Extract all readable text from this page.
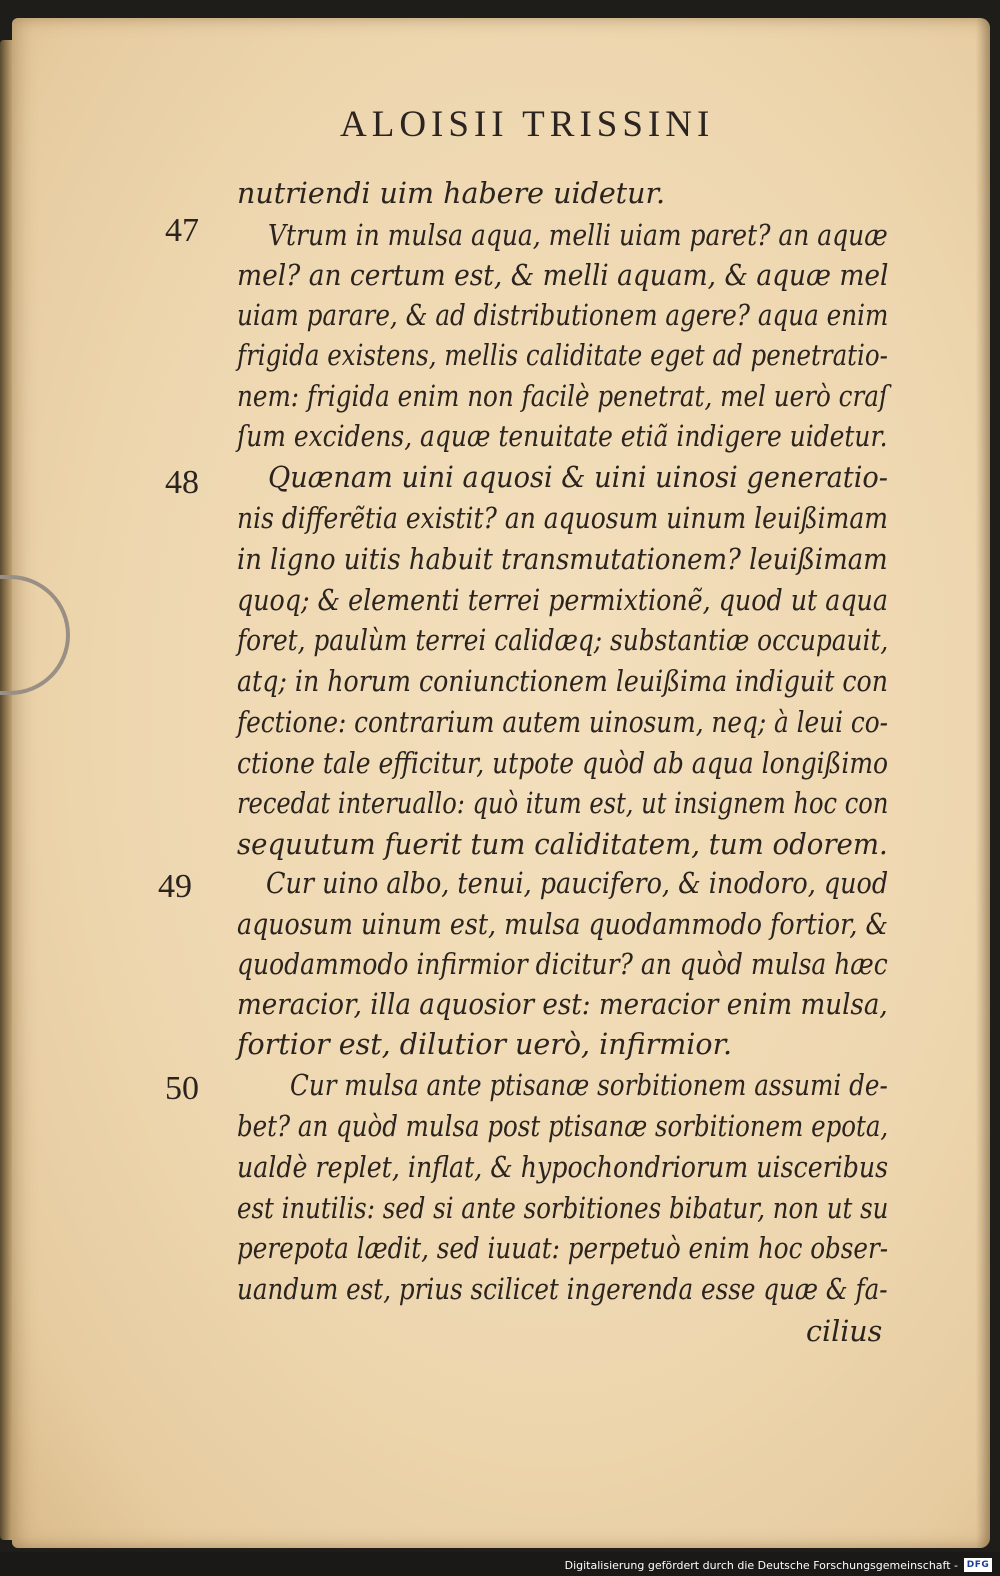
ALOISII TRISSINI

47

48

49

50

nutriendi uim habere uidetur.

Vtrum in mulsa aqua, melli uiam paret? an aquæ

mel? an certum est, & melli aquam, & aquæ mel

uiam parare, & ad distributionem agere? aqua enim

frigida existens, mellis caliditate eget ad penetratio-

nem: frigida enim non facilè penetrat, mel uerò craſ

ſum excidens, aquæ tenuitate etiã indigere uidetur.

Quænam uini aquosi & uini uinosi generatio-

nis differẽtia existit? an aquosum uinum leuißimam

in ligno uitis habuit transmutationem? leuißimam

quoq; & elementi terrei permixtionẽ, quod ut aqua

foret, paulùm terrei calidæq; substantiæ occupauit,

atq; in horum coniunctionem leuißima indiguit con

fectione: contrarium autem uinosum, neq; à leui co-

ctione tale efficitur, utpote quòd ab aqua longißimo

recedat interuallo: quò itum est, ut insignem hoc con

sequutum fuerit tum caliditatem, tum odorem.

Cur uino albo, tenui, paucifero, & inodoro, quod

aquosum uinum est, mulsa quodammodo fortior, &

quodammodo infirmior dicitur? an quòd mulsa hæc

meracior, illa aquosior est: meracior enim mulsa,

fortior est, dilutior uerò, infirmior.

Cur mulsa ante ptisanæ sorbitionem assumi de-

bet? an quòd mulsa post ptisanæ sorbitionem epota,

ualdè replet, inflat, & hypochondriorum uisceribus

est inutilis: sed si ante sorbitiones bibatur, non ut su

perepota lædit, sed iuuat: perpetuò enim hoc obser-

uandum est, prius scilicet ingerenda esse quæ & fa-

cilius

Digitalisierung gefördert durch die Deutsche Forschungsgemeinschaft - DFG
